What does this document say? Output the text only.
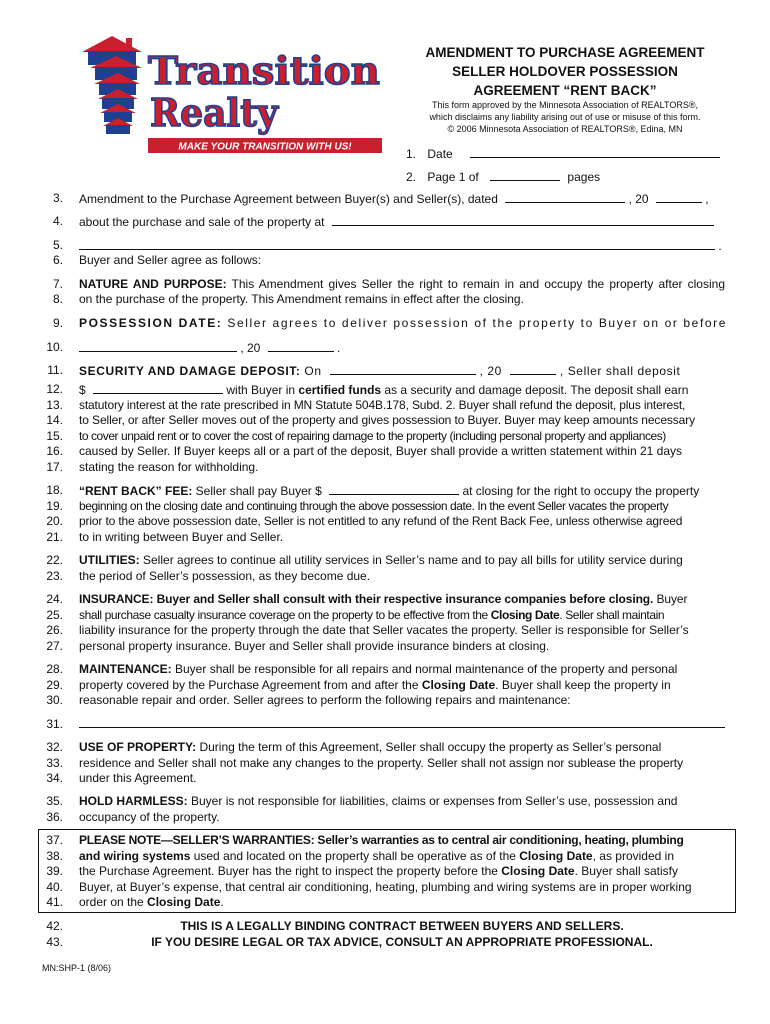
Transition
Realty
MAKE YOUR TRANSITION WITH US!
AMENDMENT TO PURCHASE AGREEMENT
SELLER HOLDOVER POSSESSION
AGREEMENT “RENT BACK”
This form approved by the Minnesota Association of REALTORS®,
which disclaims any liability arising out of use or misuse of this form.
© 2006 Minnesota Association of REALTORS®, Edina, MN
1. Date
2. Page 1 of	pages
3. Amendment to the Purchase Agreement between Buyer(s) and Seller(s), dated	, 20	,
4. about the purchase and sale of the property at
5.	.
6. Buyer and Seller agree as follows:
7. NATURE AND PURPOSE: This Amendment gives Seller the right to remain in and occupy the property after closing
8. on the purchase of the property. This Amendment remains in effect after the closing.
9. POSSESSION DATE: Seller agrees to deliver possession of the property to Buyer on or before
10.	, 20	.
11. SECURITY AND DAMAGE DEPOSIT: On	, 20	, Seller shall deposit
12. $	with Buyer in certified funds as a security and damage deposit. The deposit shall earn
13. statutory interest at the rate prescribed in MN Statute 504B.178, Subd. 2. Buyer shall refund the deposit, plus interest,
14. to Seller, or after Seller moves out of the property and gives possession to Buyer. Buyer may keep amounts necessary
15. to cover unpaid rent or to cover the cost of repairing damage to the property (including personal property and appliances)
16. caused by Seller. If Buyer keeps all or a part of the deposit, Buyer shall provide a written statement within 21 days
17. stating the reason for withholding.
18. “RENT BACK” FEE: Seller shall pay Buyer $	at closing for the right to occupy the property
19. beginning on the closing date and continuing through the above possession date. In the event Seller vacates the property
20. prior to the above possession date, Seller is not entitled to any refund of the Rent Back Fee, unless otherwise agreed
21. to in writing between Buyer and Seller.
22. UTILITIES: Seller agrees to continue all utility services in Seller’s name and to pay all bills for utility service during
23. the period of Seller’s possession, as they become due.
24. INSURANCE: Buyer and Seller shall consult with their respective insurance companies before closing. Buyer
25. shall purchase casualty insurance coverage on the property to be effective from the Closing Date. Seller shall maintain
26. liability insurance for the property through the date that Seller vacates the property. Seller is responsible for Seller’s
27. personal property insurance. Buyer and Seller shall provide insurance binders at closing.
28. MAINTENANCE: Buyer shall be responsible for all repairs and normal maintenance of the property and personal
29. property covered by the Purchase Agreement from and after the Closing Date. Buyer shall keep the property in
30. reasonable repair and order. Seller agrees to perform the following repairs and maintenance:
31.
32. USE OF PROPERTY: During the term of this Agreement, Seller shall occupy the property as Seller’s personal
33. residence and Seller shall not make any changes to the property. Seller shall not assign nor sublease the property
34. under this Agreement.
35. HOLD HARMLESS: Buyer is not responsible for liabilities, claims or expenses from Seller’s use, possession and
36. occupancy of the property.
37. PLEASE NOTE—SELLER’S WARRANTIES: Seller’s warranties as to central air conditioning, heating, plumbing
38. and wiring systems used and located on the property shall be operative as of the Closing Date, as provided in
39. the Purchase Agreement. Buyer has the right to inspect the property before the Closing Date. Buyer shall satisfy
40. Buyer, at Buyer’s expense, that central air conditioning, heating, plumbing and wiring systems are in proper working
41. order on the Closing Date.
42.	THIS IS A LEGALLY BINDING CONTRACT BETWEEN BUYERS AND SELLERS.
43.	IF YOU DESIRE LEGAL OR TAX ADVICE, CONSULT AN APPROPRIATE PROFESSIONAL.
MN:SHP-1 (8/06)
